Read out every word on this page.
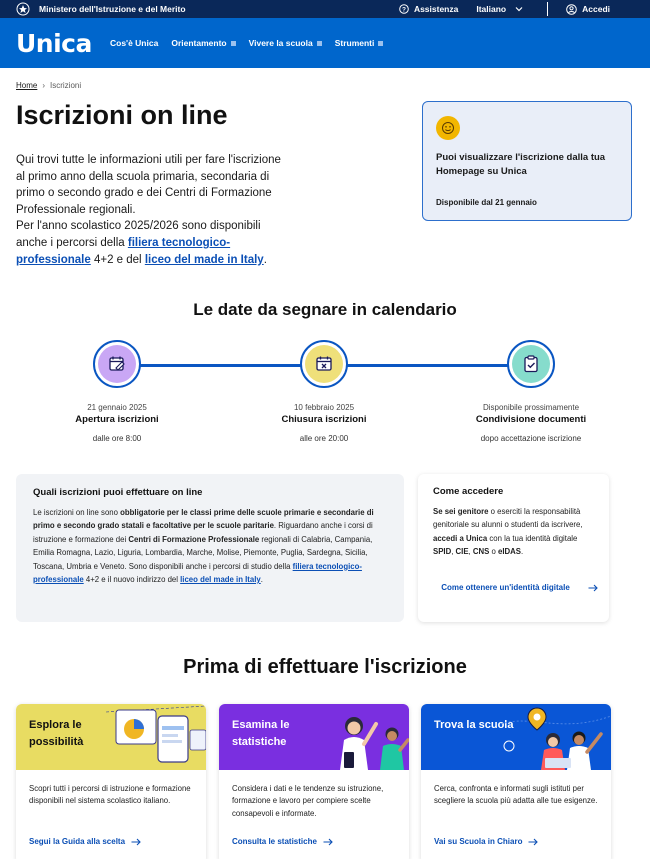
Ministero dell'Istruzione e del Merito	? Assistenza Italiano	Accedi
Unica Cos'è Unica Orientamento	Vivere la scuola	Strumenti
Home › Iscrizioni
Iscrizioni on line
Qui trovi tutte le informazioni utili per fare l'iscrizione al primo anno della scuola primaria, secondaria di primo o secondo grado e dei Centri di Formazione Professionale regionali.
Per l'anno scolastico 2025/2026 sono disponibili anche i percorsi della filiera tecnologico-professionale 4+2 e del liceo del made in Italy.
Puoi visualizzare l'iscrizione dalla tua Homepage su Unica
Disponibile dal 21 gennaio
Le date da segnare in calendario
21 gennaio 2025
Apertura iscrizioni
dalle ore 8:00
10 febbraio 2025
Chiusura iscrizioni
alle ore 20:00
Disponibile prossimamente
Condivisione documenti
dopo accettazione iscrizione
Quali iscrizioni puoi effettuare on line

Le iscrizioni on line sono obbligatorie per le classi prime delle scuole primarie e secondarie di primo e secondo grado statali e facoltative per le scuole paritarie. Riguardano anche i corsi di istruzione e formazione dei Centri di Formazione Professionale regionali di Calabria, Campania, Emilia Romagna, Lazio, Liguria, Lombardia, Marche, Molise, Piemonte, Puglia, Sardegna, Sicilia, Toscana, Umbria e Veneto. Sono disponibili anche i percorsi di studio della filiera tecnologico-professionale 4+2 e il nuovo indirizzo del liceo del made in Italy.

Come accedere

Se sei genitore o eserciti la responsabilità genitoriale su alunni o studenti da iscrivere, accedi a Unica con la tua identità digitale SPID, CIE, CNS o eIDAS.

Come ottenere un'identità digitale
Prima di effettuare l'iscrizione
Esplora le possibilità
Scopri tutti i percorsi di istruzione e formazione disponibili nel sistema scolastico italiano.
Segui la Guida alla scelta
Esamina le statistiche
Considera i dati e le tendenze su istruzione, formazione e lavoro per compiere scelte consapevoli e informate.
Consulta le statistiche
Trova la scuola
Cerca, confronta e informati sugli istituti per scegliere la scuola più adatta alle tue esigenze.
Vai su Scuola in Chiaro
